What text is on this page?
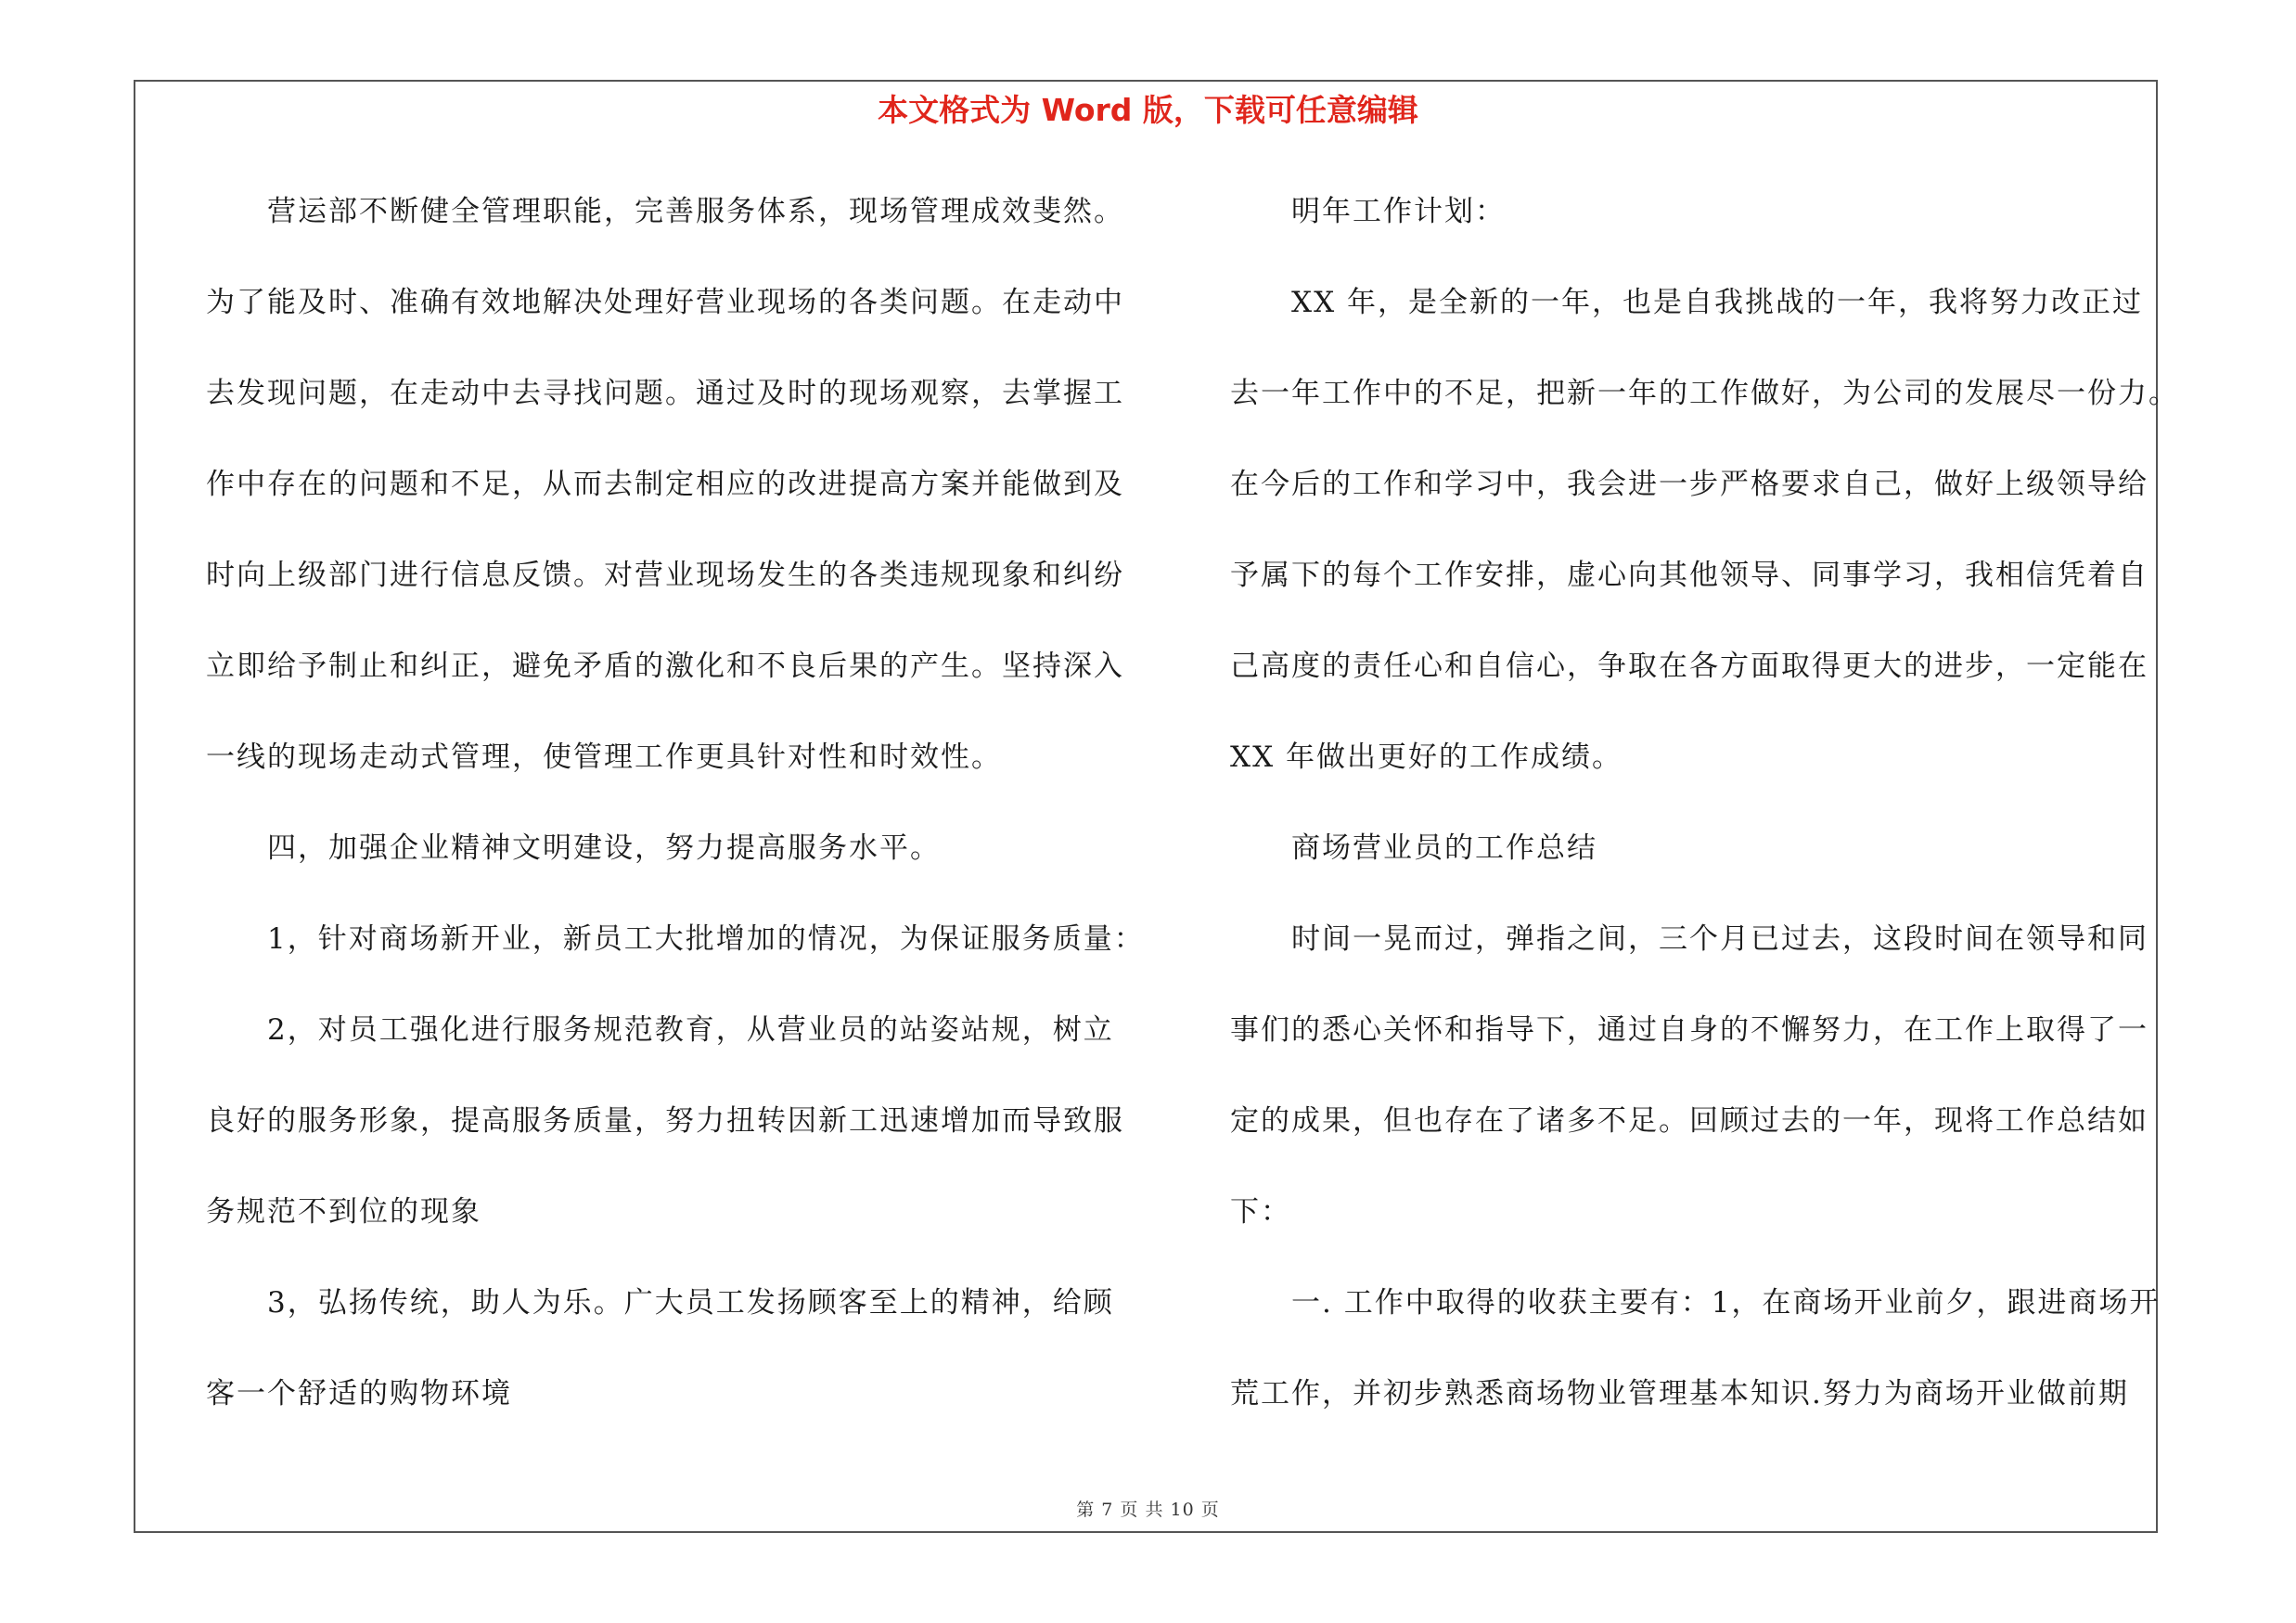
本文格式为 Word 版，下载可任意编辑
营运部不断健全管理职能，完善服务体系，现场管理成效斐然。
为了能及时、准确有效地解决处理好营业现场的各类问题。在走动中
去发现问题，在走动中去寻找问题。通过及时的现场观察，去掌握工
作中存在的问题和不足，从而去制定相应的改进提高方案并能做到及
时向上级部门进行信息反馈。对营业现场发生的各类违规现象和纠纷
立即给予制止和纠正，避免矛盾的激化和不良后果的产生。坚持深入
一线的现场走动式管理，使管理工作更具针对性和时效性。
四，加强企业精神文明建设，努力提高服务水平。
1，针对商场新开业，新员工大批增加的情况，为保证服务质量：
2，对员工强化进行服务规范教育，从营业员的站姿站规，树立
良好的服务形象，提高服务质量，努力扭转因新工迅速增加而导致服
务规范不到位的现象
3，弘扬传统，助人为乐。广大员工发扬顾客至上的精神，给顾
客一个舒适的购物环境
明年工作计划：
XX 年，是全新的一年，也是自我挑战的一年，我将努力改正过
去一年工作中的不足，把新一年的工作做好，为公司的发展尽一份力。
在今后的工作和学习中，我会进一步严格要求自己，做好上级领导给
予属下的每个工作安排，虚心向其他领导、同事学习，我相信凭着自
己高度的责任心和自信心，争取在各方面取得更大的进步，一定能在
XX 年做出更好的工作成绩。
商场营业员的工作总结
时间一晃而过，弹指之间，三个月已过去，这段时间在领导和同
事们的悉心关怀和指导下，通过自身的不懈努力，在工作上取得了一
定的成果，但也存在了诸多不足。回顾过去的一年，现将工作总结如
下：
一. 工作中取得的收获主要有：1，在商场开业前夕，跟进商场开
荒工作，并初步熟悉商场物业管理基本知识.努力为商场开业做前期
第 7 页 共 10 页
